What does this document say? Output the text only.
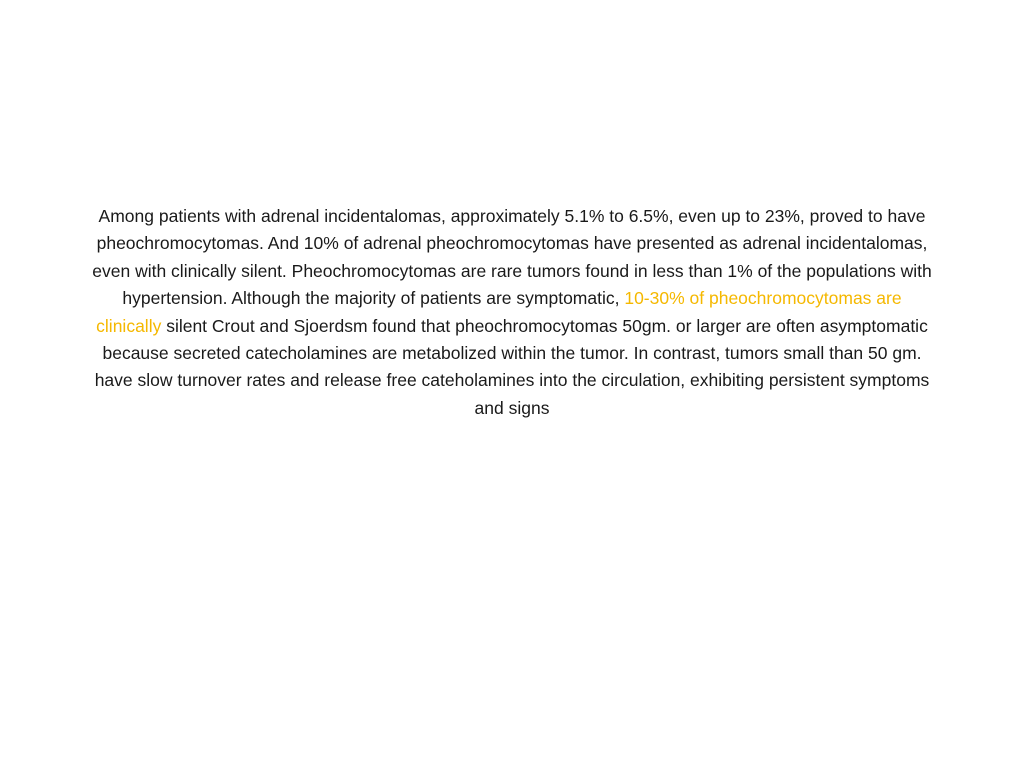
Among patients with adrenal incidentalomas, approximately 5.1% to 6.5%, even up to 23%, proved to have pheochromocytomas. And 10% of adrenal pheochromocytomas have presented as adrenal incidentalomas, even with clinically silent. Pheochromocytomas are rare tumors found in less than 1% of the populations with hypertension. Although the majority of patients are symptomatic, 10-30% of pheochromocytomas are clinically silent Crout and Sjoerdsm found that pheochromocytomas 50gm. or larger are often asymptomatic because secreted catecholamines are metabolized within the tumor. In contrast, tumors small than 50 gm. have slow turnover rates and release free cateholamines into the circulation, exhibiting persistent symptoms and signs
